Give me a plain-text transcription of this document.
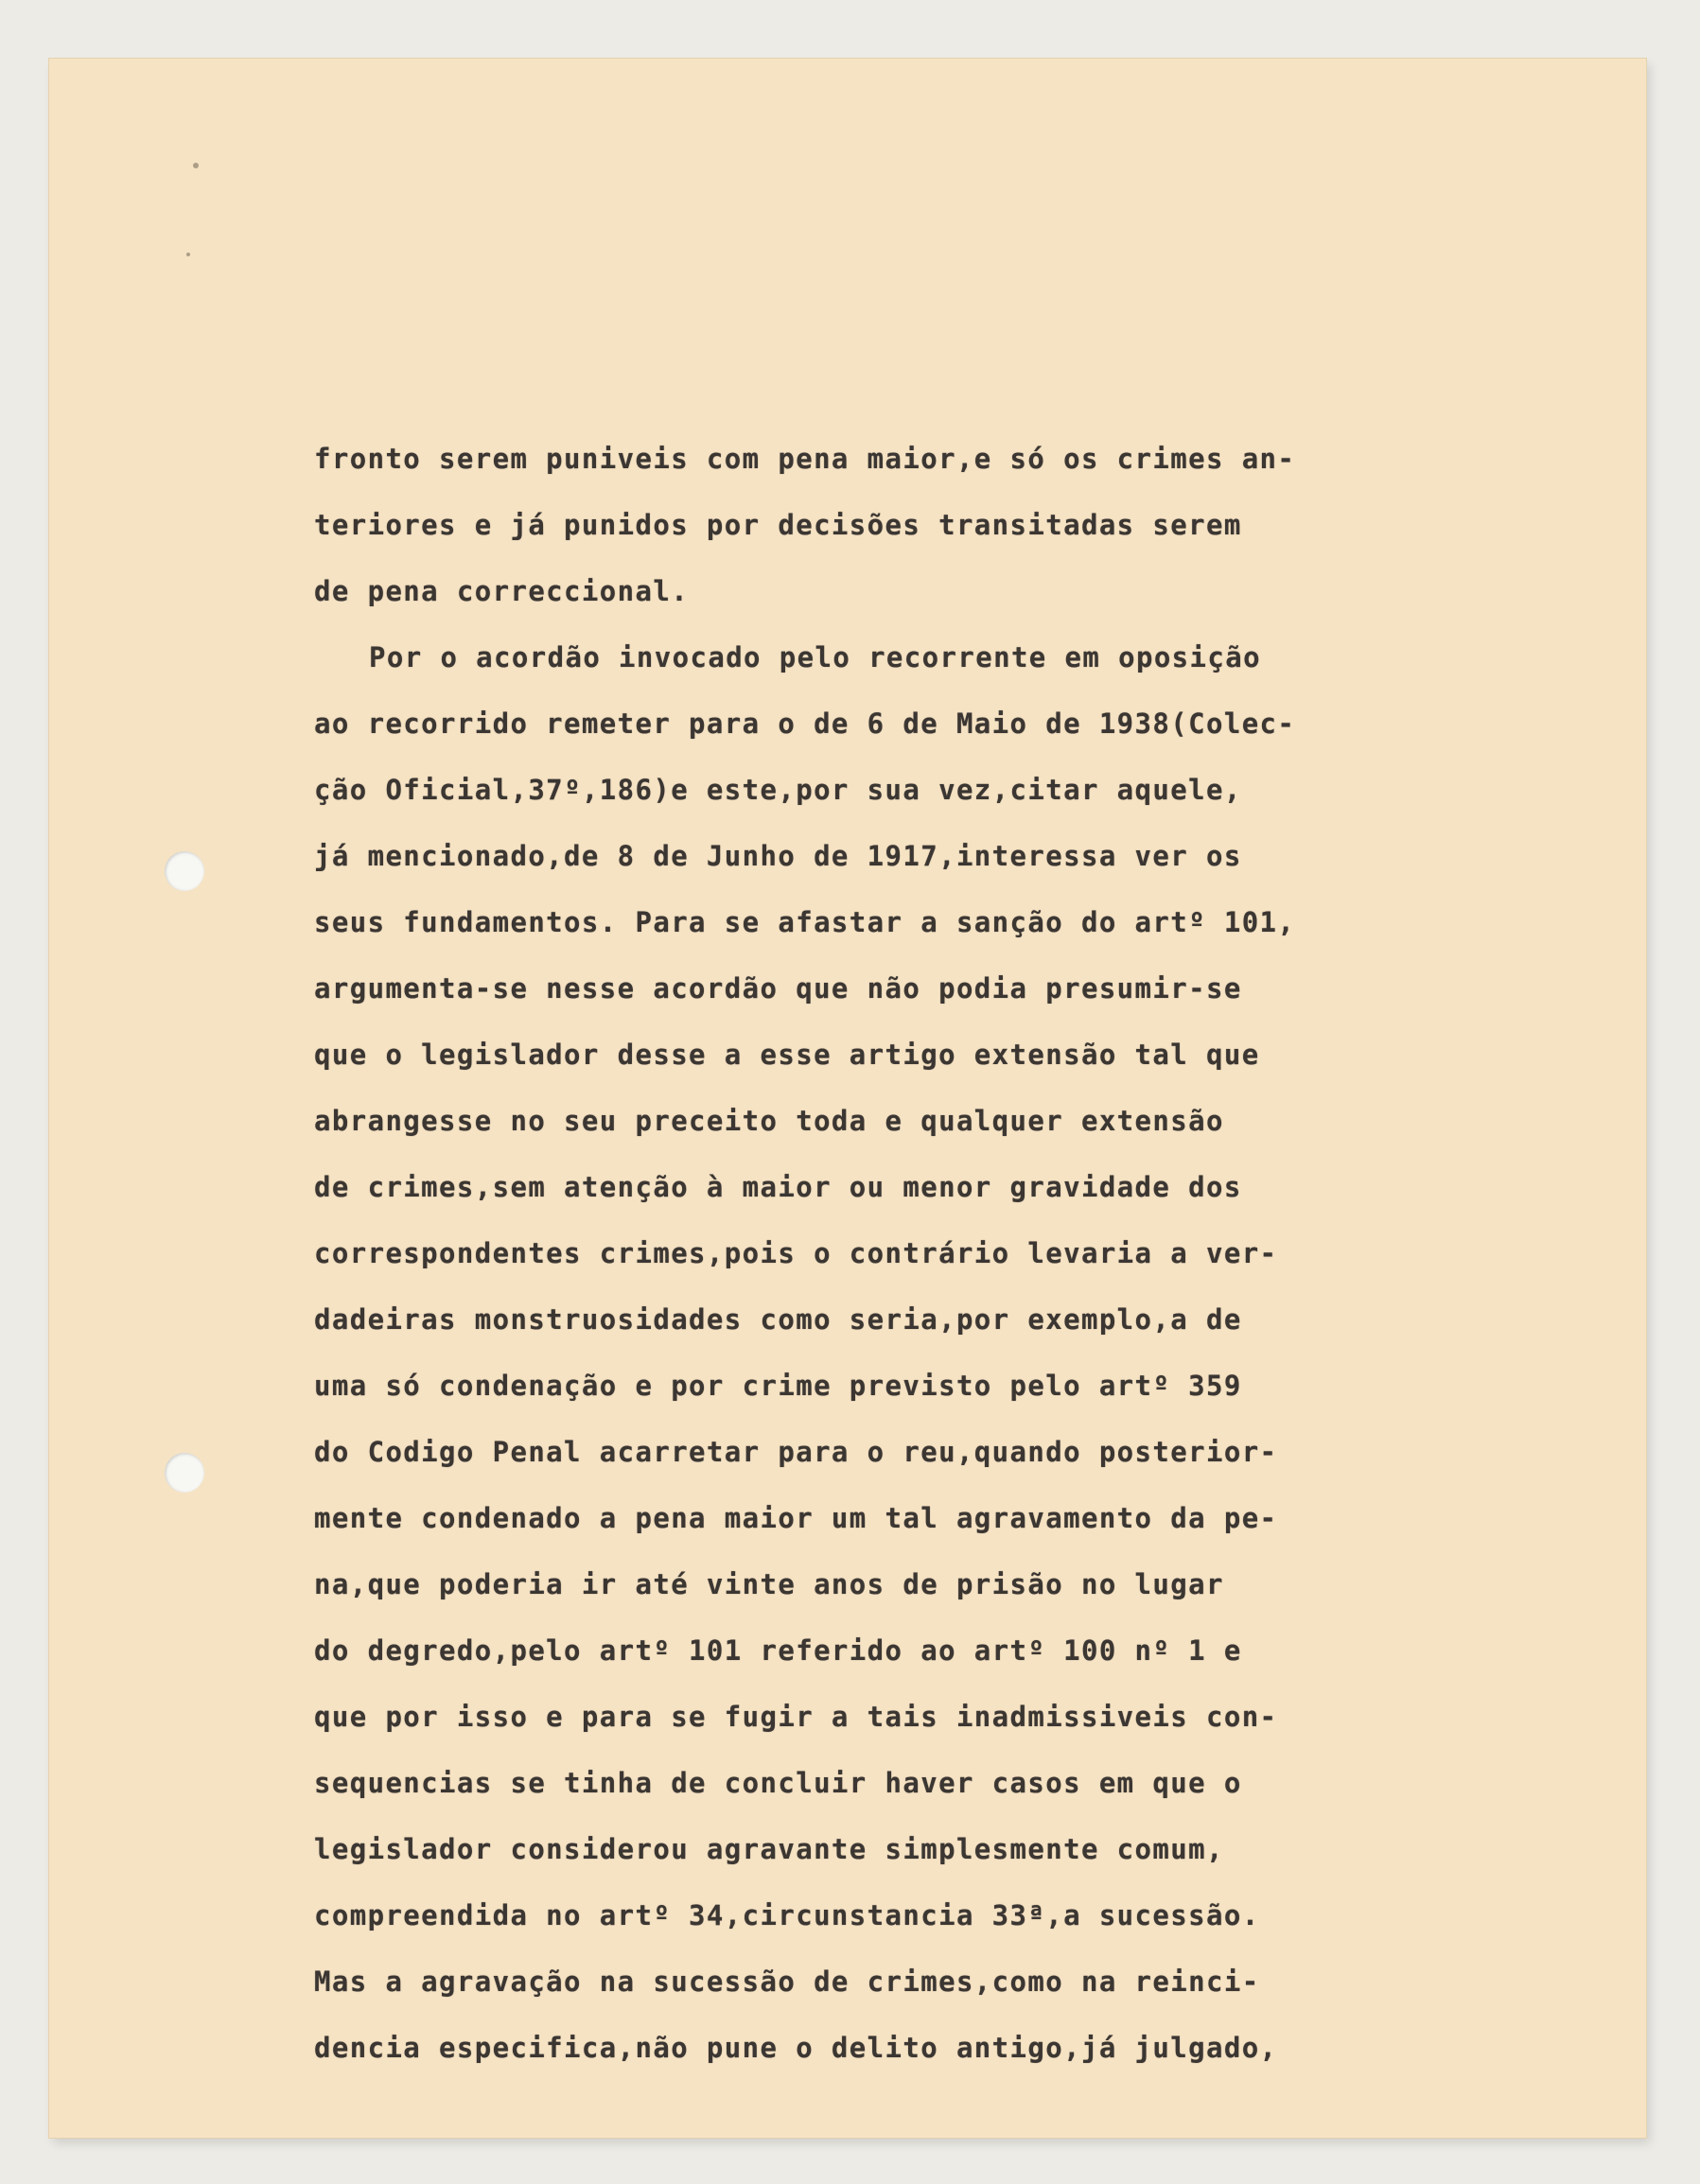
fronto serem puniveis com pena maior,e só os crimes an-
teriores e já punidos por decisões transitadas serem
de pena correccional.
Por o acordão invocado pelo recorrente em oposição
ao recorrido remeter para o de 6 de Maio de 1938(Colec-
ção Oficial,37º,186)e este,por sua vez,citar aquele,
já mencionado,de 8 de Junho de 1917,interessa ver os
seus fundamentos. Para se afastar a sanção do artº 101,
argumenta-se nesse acordão que não podia presumir-se
que o legislador desse a esse artigo extensão tal que
abrangesse no seu preceito toda e qualquer extensão
de crimes,sem atenção à maior ou menor gravidade dos
correspondentes crimes,pois o contrário levaria a ver-
dadeiras monstruosidades como seria,por exemplo,a de
uma só condenação e por crime previsto pelo artº 359
do Codigo Penal acarretar para o reu,quando posterior-
mente condenado a pena maior um tal agravamento da pe-
na,que poderia ir até vinte anos de prisão no lugar
do degredo,pelo artº 101 referido ao artº 100 nº 1 e
que por isso e para se fugir a tais inadmissiveis con-
sequencias se tinha de concluir haver casos em que o
legislador considerou agravante simplesmente comum,
compreendida no artº 34,circunstancia 33ª,a sucessão.
Mas a agravação na sucessão de crimes,como na reinci-
dencia especifica,não pune o delito antigo,já julgado,
